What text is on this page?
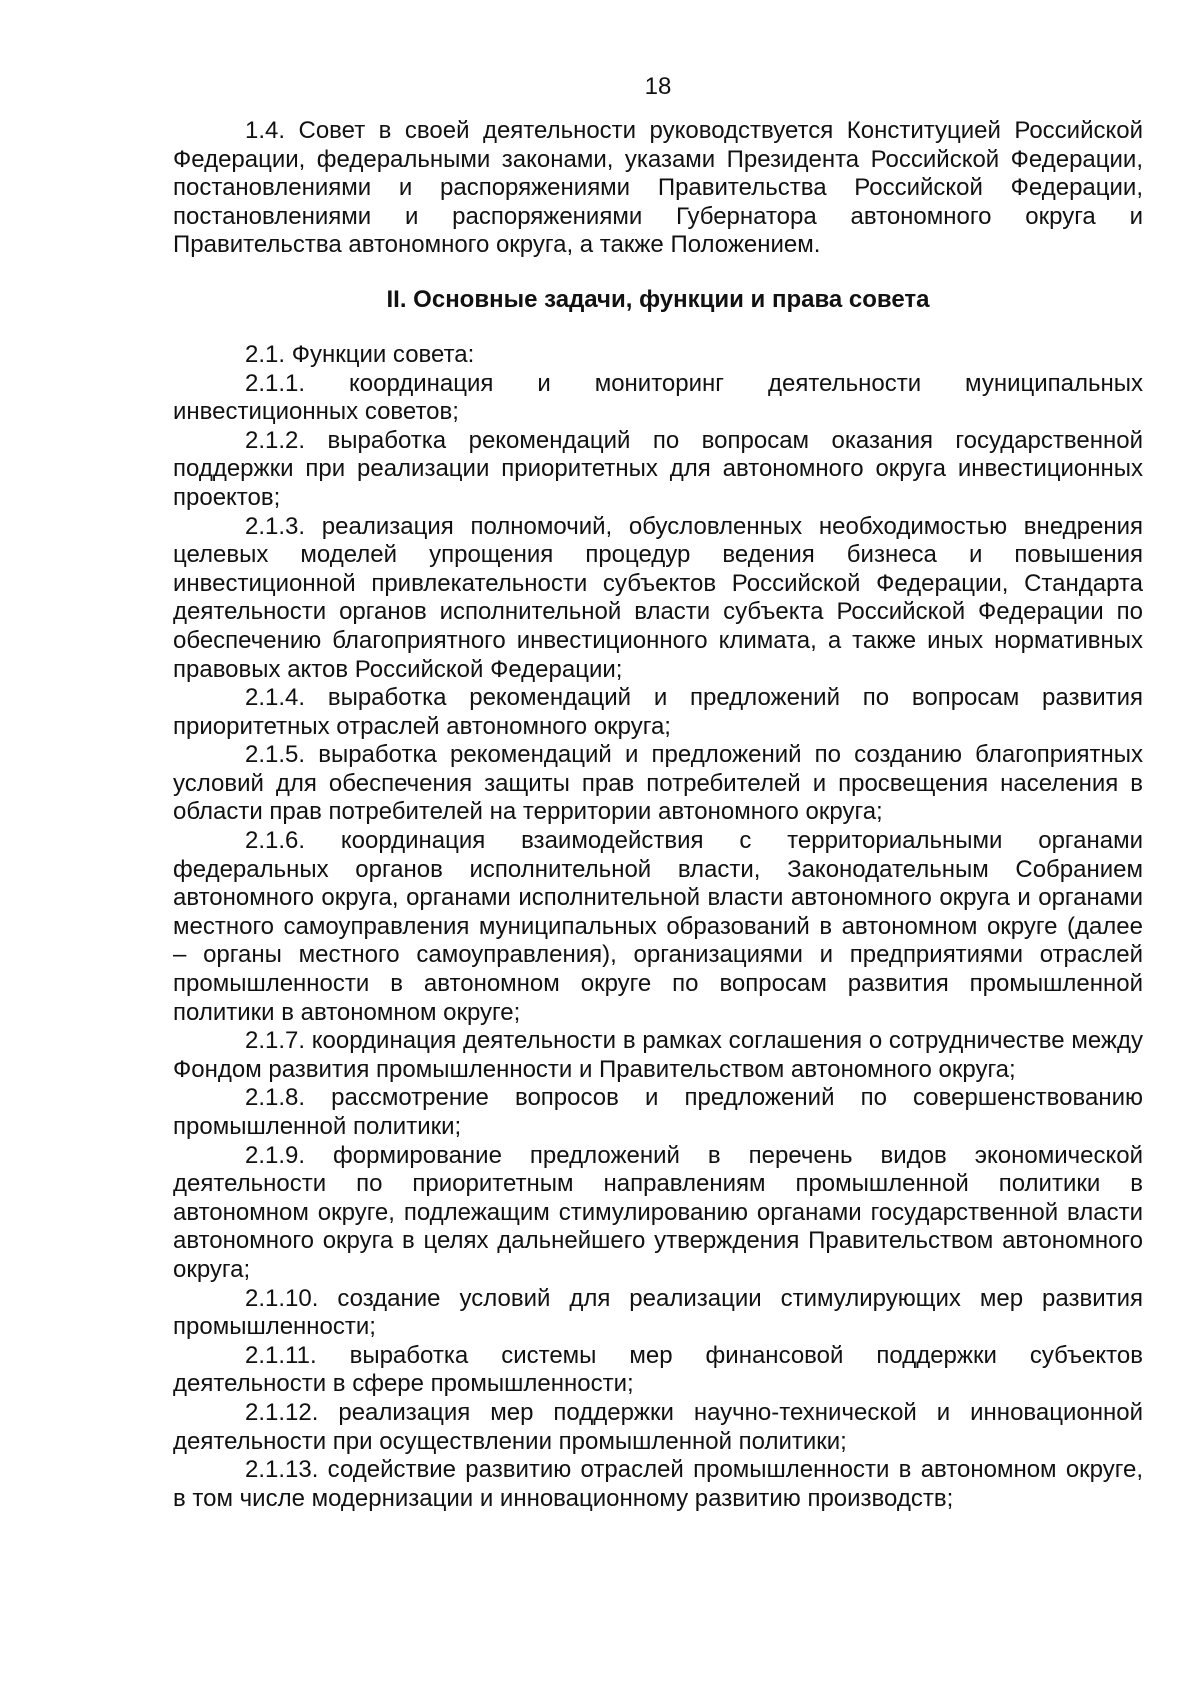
18

1.4. Совет в своей деятельности руководствуется Конституцией Российской Федерации, федеральными законами, указами Президента Российской Федерации, постановлениями и распоряжениями Правительства Российской Федерации, постановлениями и распоряжениями Губернатора автономного округа и Правительства автономного округа, а также Положением.

II. Основные задачи, функции и права совета

2.1. Функции совета:

2.1.1. координация и мониторинг деятельности муниципальных инвестиционных советов;

2.1.2. выработка рекомендаций по вопросам оказания государственной поддержки при реализации приоритетных для автономного округа инвестиционных проектов;

2.1.3. реализация полномочий, обусловленных необходимостью внедрения целевых моделей упрощения процедур ведения бизнеса и повышения инвестиционной привлекательности субъектов Российской Федерации, Стандарта деятельности органов исполнительной власти субъекта Российской Федерации по обеспечению благоприятного инвестиционного климата, а также иных нормативных правовых актов Российской Федерации;

2.1.4. выработка рекомендаций и предложений по вопросам развития приоритетных отраслей автономного округа;

2.1.5. выработка рекомендаций и предложений по созданию благоприятных условий для обеспечения защиты прав потребителей и просвещения населения в области прав потребителей на территории автономного округа;

2.1.6. координация взаимодействия с территориальными органами федеральных органов исполнительной власти, Законодательным Собранием автономного округа, органами исполнительной власти автономного округа и органами местного самоуправления муниципальных образований в автономном округе (далее – органы местного самоуправления), организациями и предприятиями отраслей промышленности в автономном округе по вопросам развития промышленной политики в автономном округе;

2.1.7. координация деятельности в рамках соглашения о сотрудничестве между Фондом развития промышленности и Правительством автономного округа;

2.1.8. рассмотрение вопросов и предложений по совершенствованию промышленной политики;

2.1.9. формирование предложений в перечень видов экономической деятельности по приоритетным направлениям промышленной политики в автономном округе, подлежащим стимулированию органами государственной власти автономного округа в целях дальнейшего утверждения Правительством автономного округа;

2.1.10. создание условий для реализации стимулирующих мер развития промышленности;

2.1.11. выработка системы мер финансовой поддержки субъектов деятельности в сфере промышленности;

2.1.12. реализация мер поддержки научно-технической и инновационной деятельности при осуществлении промышленной политики;

2.1.13. содействие развитию отраслей промышленности в автономном округе, в том числе модернизации и инновационному развитию производств;
